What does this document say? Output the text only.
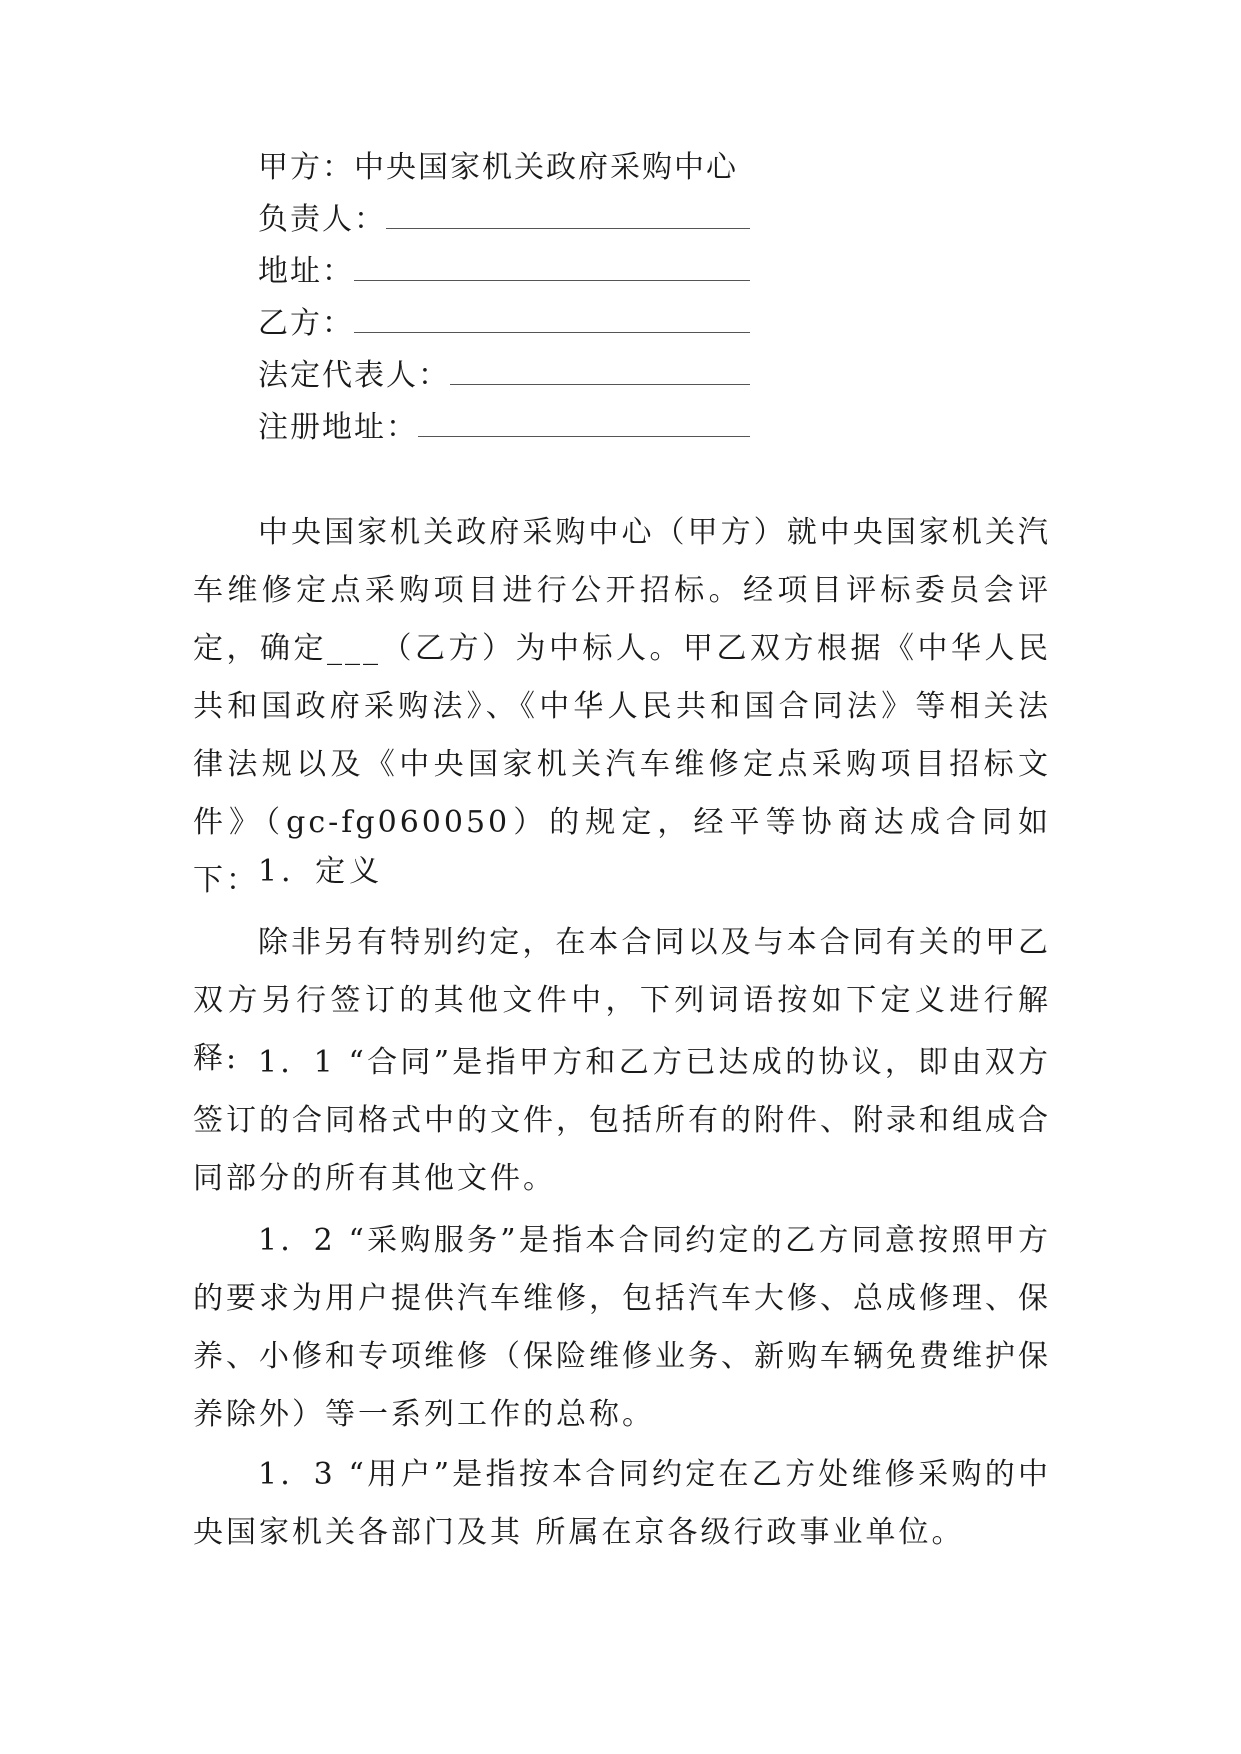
甲方：中央国家机关政府采购中心
负责人：
地址：
乙方：
法定代表人：
注册地址：

中央国家机关政府采购中心（甲方）就中央国家机关汽车维修定点采购项目进行公开招标。经项目评标委员会评定，确定___（乙方）为中标人。甲乙双方根据《中华人民共和国政府采购法》、《中华人民共和国合同法》等相关法律法规以及《中央国家机关汽车维修定点采购项目招标文件》（gc-fg060050）的规定，经平等协商达成合同如下： 1．定义

除非另有特别约定，在本合同以及与本合同有关的甲乙双方另行签订的其他文件中，下列词语按如下定义进行解释: 1．1 “合同”是指甲方和乙方已达成的协议，即由双方签订的合同格式中的文件，包括所有的附件、附录和组成合同部分的所有其他文件。

1．2 “采购服务”是指本合同约定的乙方同意按照甲方的要求为用户提供汽车维修，包括汽车大修、总成修理、保养、小修和专项维修（保险维修业务、新购车辆免费维护保养除外）等一系列工作的总称。

1．3 “用户”是指按本合同约定在乙方处维修采购的中央国家机关各部门及其 所属在京各级行政事业单位。
